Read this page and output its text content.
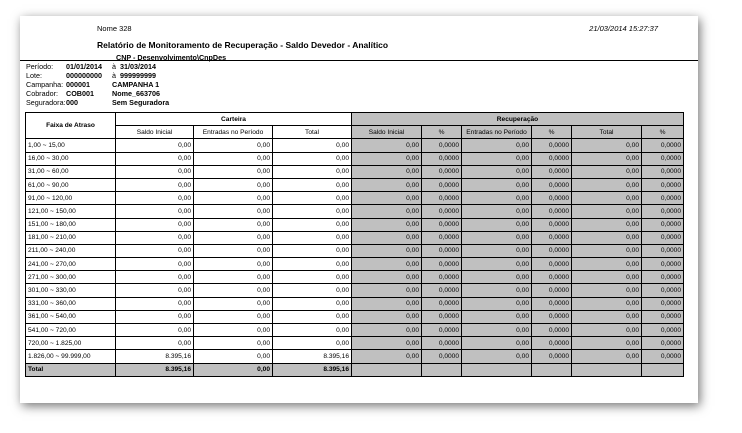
Nome 328	21/03/2014 15:27:37
Relatório de Monitoramento de Recuperação - Saldo Devedor - Analítico
CNP - Desenvolvimento\CnpDes
Período:	01/01/2014	à 31/03/2014
Lote:	000000000	à 999999999
Campanha: 000001	CAMPANHA 1
Cobrador:	COB001	Nome_663706
Seguradora: 000	Sem Seguradora
Faixa de Atraso	Carteira			Recuperação					
	Saldo Inicial	Entradas no Período	Total	Saldo Inicial	%	Entradas no Período	%	Total	%
1,00 ~ 15,00	0,00	0,00	0,00	0,00	0,0000	0,00	0,0000	0,00	0,0000
16,00 ~ 30,00	0,00	0,00	0,00	0,00	0,0000	0,00	0,0000	0,00	0,0000
31,00 ~ 60,00	0,00	0,00	0,00	0,00	0,0000	0,00	0,0000	0,00	0,0000
61,00 ~ 90,00	0,00	0,00	0,00	0,00	0,0000	0,00	0,0000	0,00	0,0000
91,00 ~ 120,00	0,00	0,00	0,00	0,00	0,0000	0,00	0,0000	0,00	0,0000
121,00 ~ 150,00	0,00	0,00	0,00	0,00	0,0000	0,00	0,0000	0,00	0,0000
151,00 ~ 180,00	0,00	0,00	0,00	0,00	0,0000	0,00	0,0000	0,00	0,0000
181,00 ~ 210,00	0,00	0,00	0,00	0,00	0,0000	0,00	0,0000	0,00	0,0000
211,00 ~ 240,00	0,00	0,00	0,00	0,00	0,0000	0,00	0,0000	0,00	0,0000
241,00 ~ 270,00	0,00	0,00	0,00	0,00	0,0000	0,00	0,0000	0,00	0,0000
271,00 ~ 300,00	0,00	0,00	0,00	0,00	0,0000	0,00	0,0000	0,00	0,0000
301,00 ~ 330,00	0,00	0,00	0,00	0,00	0,0000	0,00	0,0000	0,00	0,0000
331,00 ~ 360,00	0,00	0,00	0,00	0,00	0,0000	0,00	0,0000	0,00	0,0000
361,00 ~ 540,00	0,00	0,00	0,00	0,00	0,0000	0,00	0,0000	0,00	0,0000
541,00 ~ 720,00	0,00	0,00	0,00	0,00	0,0000	0,00	0,0000	0,00	0,0000
720,00 ~ 1.825,00	0,00	0,00	0,00	0,00	0,0000	0,00	0,0000	0,00	0,0000
1.826,00 ~ 99.999,00	8.395,16	0,00	8.395,16	0,00	0,0000	0,00	0,0000	0,00	0,0000
Total	8.395,16	0,00	8.395,16						
